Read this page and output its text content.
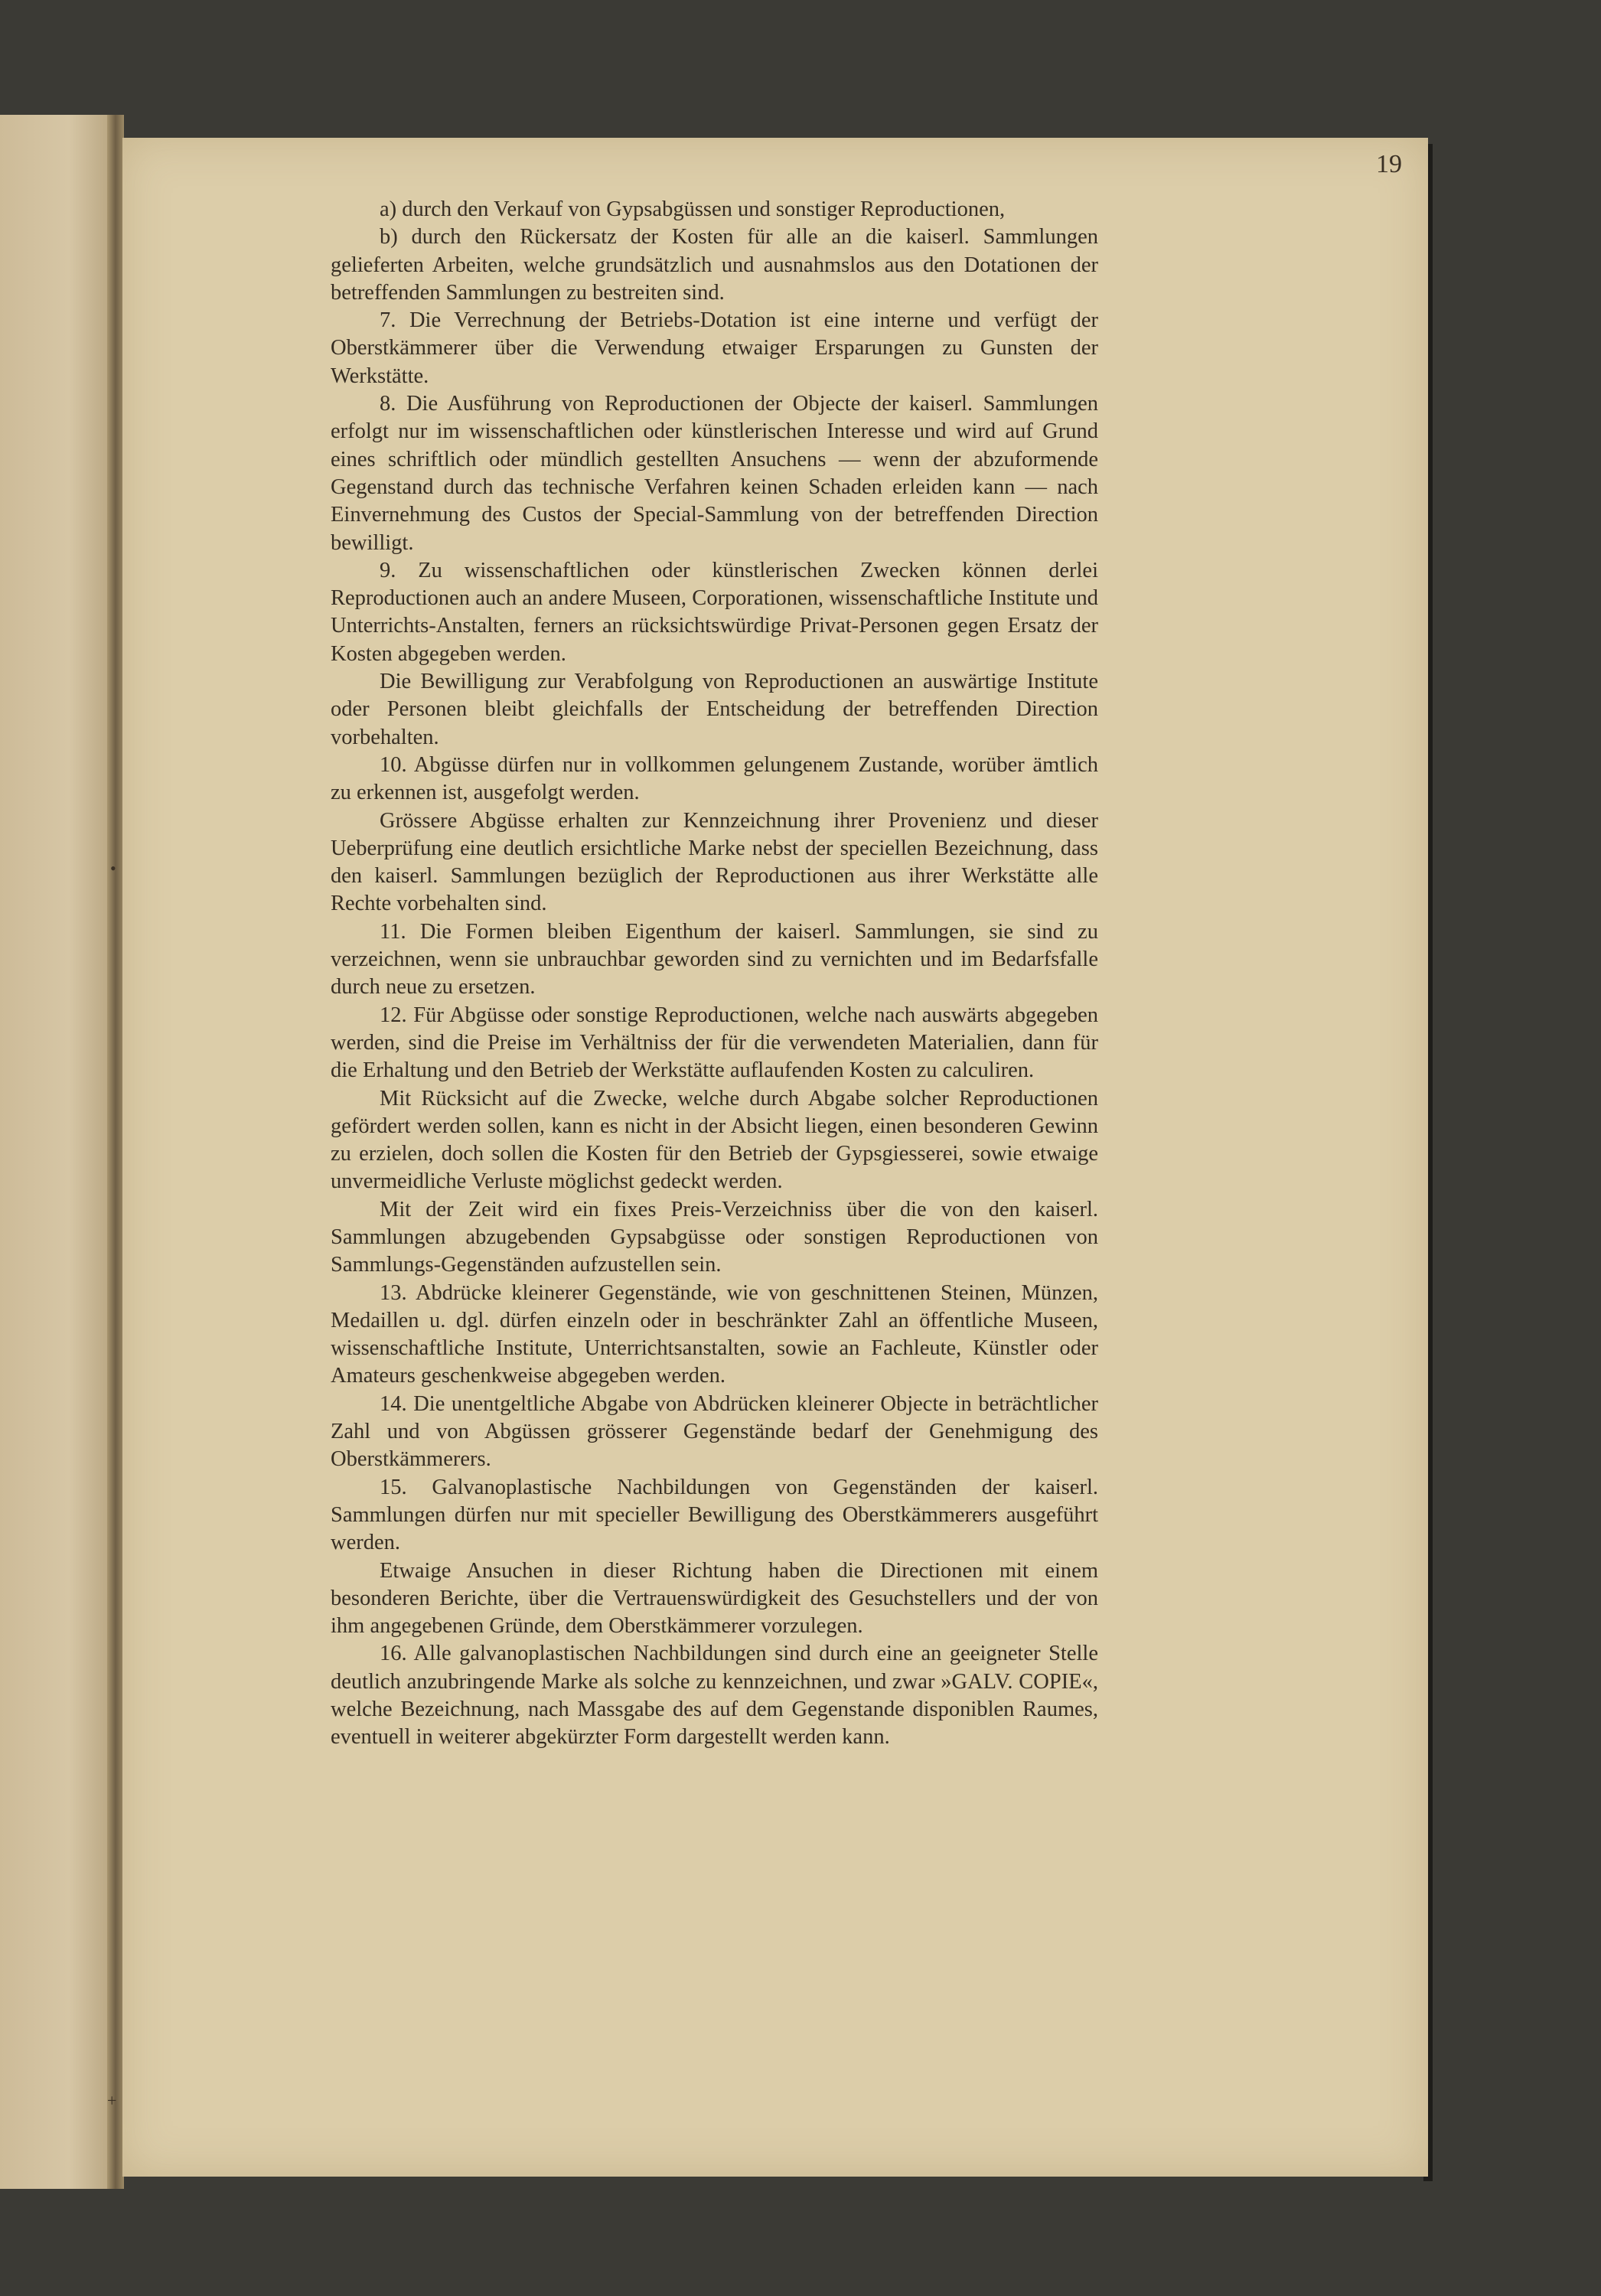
19

a) durch den Verkauf von Gypsabgüssen und sonstiger Reproductionen,

b) durch den Rückersatz der Kosten für alle an die kaiserl. Sammlungen gelieferten Arbeiten, welche grundsätzlich und ausnahmslos aus den Dotationen der betreffenden Sammlungen zu bestreiten sind.

7. Die Verrechnung der Betriebs-Dotation ist eine interne und verfügt der Oberstkämmerer über die Verwendung etwaiger Ersparungen zu Gunsten der Werkstätte.

8. Die Ausführung von Reproductionen der Objecte der kaiserl. Sammlungen erfolgt nur im wissenschaftlichen oder künstlerischen Interesse und wird auf Grund eines schriftlich oder mündlich gestellten Ansuchens — wenn der abzuformende Gegenstand durch das technische Verfahren keinen Schaden erleiden kann — nach Einvernehmung des Custos der Special-Sammlung von der betreffenden Direction bewilligt.

9. Zu wissenschaftlichen oder künstlerischen Zwecken können derlei Reproductionen auch an andere Museen, Corporationen, wissenschaftliche Institute und Unterrichts-Anstalten, ferners an rücksichtswürdige Privat-Personen gegen Ersatz der Kosten abgegeben werden.

Die Bewilligung zur Verabfolgung von Reproductionen an auswärtige Institute oder Personen bleibt gleichfalls der Entscheidung der betreffenden Direction vorbehalten.

10. Abgüsse dürfen nur in vollkommen gelungenem Zustande, worüber ämtlich zu erkennen ist, ausgefolgt werden.

Grössere Abgüsse erhalten zur Kennzeichnung ihrer Provenienz und dieser Ueberprüfung eine deutlich ersichtliche Marke nebst der speciellen Bezeichnung, dass den kaiserl. Sammlungen bezüglich der Reproductionen aus ihrer Werkstätte alle Rechte vorbehalten sind.

11. Die Formen bleiben Eigenthum der kaiserl. Sammlungen, sie sind zu verzeichnen, wenn sie unbrauchbar geworden sind zu vernichten und im Bedarfsfalle durch neue zu ersetzen.

12. Für Abgüsse oder sonstige Reproductionen, welche nach auswärts abgegeben werden, sind die Preise im Verhältniss der für die verwendeten Materialien, dann für die Erhaltung und den Betrieb der Werkstätte auflaufenden Kosten zu calculiren.

Mit Rücksicht auf die Zwecke, welche durch Abgabe solcher Reproductionen gefördert werden sollen, kann es nicht in der Absicht liegen, einen besonderen Gewinn zu erzielen, doch sollen die Kosten für den Betrieb der Gypsgiesserei, sowie etwaige unvermeidliche Verluste möglichst gedeckt werden.

Mit der Zeit wird ein fixes Preis-Verzeichniss über die von den kaiserl. Sammlungen abzugebenden Gypsabgüsse oder sonstigen Reproductionen von Sammlungs-Gegenständen aufzustellen sein.

13. Abdrücke kleinerer Gegenstände, wie von geschnittenen Steinen, Münzen, Medaillen u. dgl. dürfen einzeln oder in beschränkter Zahl an öffentliche Museen, wissenschaftliche Institute, Unterrichtsanstalten, sowie an Fachleute, Künstler oder Amateurs geschenkweise abgegeben werden.

14. Die unentgeltliche Abgabe von Abdrücken kleinerer Objecte in beträchtlicher Zahl und von Abgüssen grösserer Gegenstände bedarf der Genehmigung des Oberstkämmerers.

15. Galvanoplastische Nachbildungen von Gegenständen der kaiserl. Sammlungen dürfen nur mit specieller Bewilligung des Oberstkämmerers ausgeführt werden.

Etwaige Ansuchen in dieser Richtung haben die Directionen mit einem besonderen Berichte, über die Vertrauenswürdigkeit des Gesuchstellers und der von ihm angegebenen Gründe, dem Oberstkämmerer vorzulegen.

16. Alle galvanoplastischen Nachbildungen sind durch eine an geeigneter Stelle deutlich anzubringende Marke als solche zu kennzeichnen, und zwar »GALV. COPIE«, welche Bezeichnung, nach Massgabe des auf dem Gegenstande disponiblen Raumes, eventuell in weiterer abgekürzter Form dargestellt werden kann.

•
+
